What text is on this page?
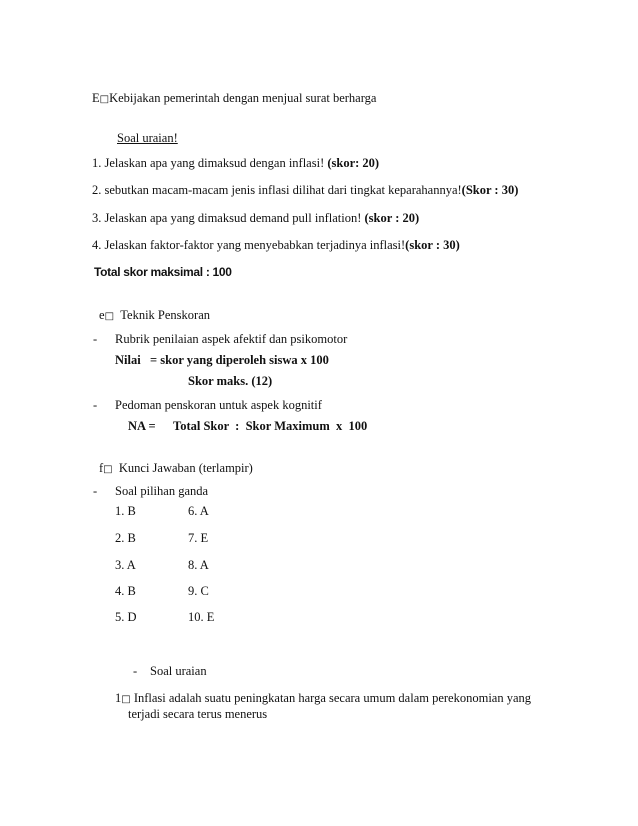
E□Kebijakan pemerintah dengan menjual surat berharga
Soal uraian!
1. Jelaskan apa yang dimaksud dengan inflasi! (skor: 20)
2. sebutkan macam-macam jenis inflasi dilihat dari tingkat keparahannya!(Skor : 30)
3. Jelaskan apa yang dimaksud demand pull inflation! (skor : 20)
4. Jelaskan faktor-faktor yang menyebabkan terjadinya inflasi!(skor : 30)
Total skor maksimal : 100
e□ Teknik Penskoran
- Rubrik penilaian aspek afektif dan psikomotor
Nilai = skor yang diperoleh siswa x 100
Skor maks. (12)
- Pedoman penskoran untuk aspek kognitif
NA = Total Skor  :  Skor Maximum  x  100
f□ Kunci Jawaban (terlampir)
- Soal pilihan ganda
1. B	6. A
2. B	7. E
3. A	8. A
4. B	9. C
5. D	10. E
- Soal uraian
1□ Inflasi adalah suatu peningkatan harga secara umum dalam perekonomian yang
terjadi secara terus menerus
